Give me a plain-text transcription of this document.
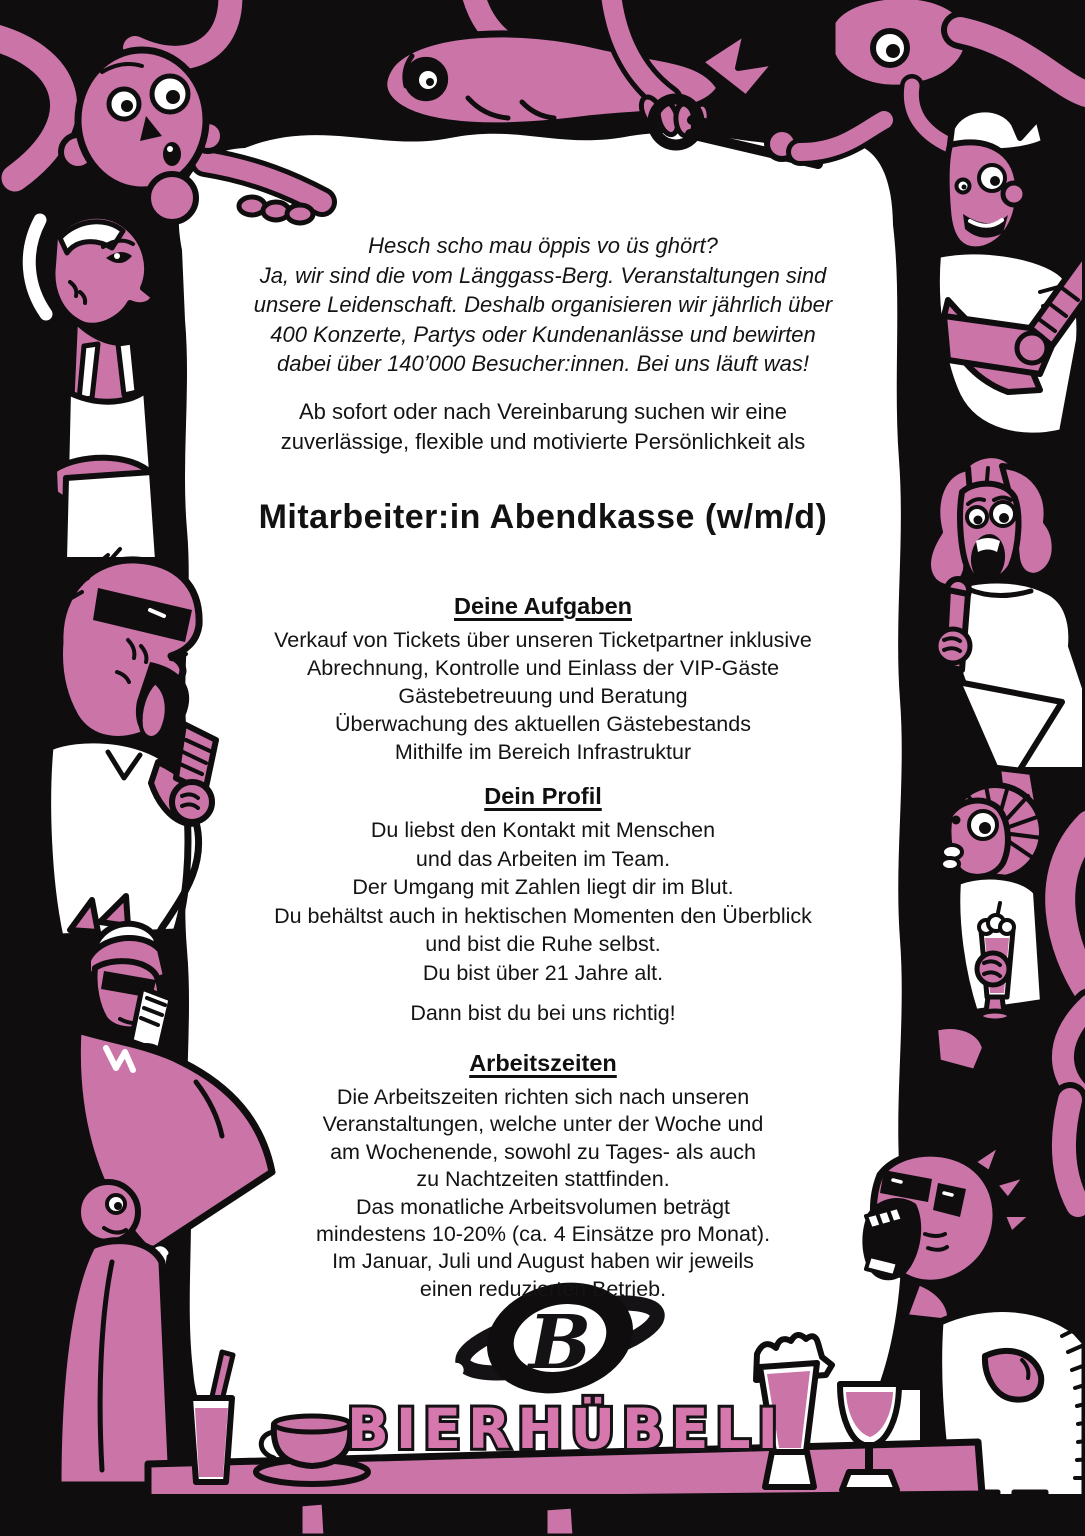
B
BIERHÜBELI
Hesch scho mau öppis vo üs ghört?
Ja, wir sind die vom Länggass-Berg. Veranstaltungen sind
unsere Leidenschaft. Deshalb organisieren wir jährlich über
400 Konzerte, Partys oder Kundenanlässe und bewirten
dabei über 140’000 Besucher:innen. Bei uns läuft was!
Ab sofort oder nach Vereinbarung suchen wir eine
zuverlässige, flexible und motivierte Persönlichkeit als
Mitarbeiter:in Abendkasse (w/m/d)
Deine Aufgaben
Verkauf von Tickets über unseren Ticketpartner inklusive
Abrechnung, Kontrolle und Einlass der VIP-Gäste
Gästebetreuung und Beratung
Überwachung des aktuellen Gästebestands
Mithilfe im Bereich Infrastruktur
Dein Profil
Du liebst den Kontakt mit Menschen
und das Arbeiten im Team.
Der Umgang mit Zahlen liegt dir im Blut.
Du behältst auch in hektischen Momenten den Überblick
und bist die Ruhe selbst.
Du bist über 21 Jahre alt.
Dann bist du bei uns richtig!
Arbeitszeiten
Die Arbeitszeiten richten sich nach unseren
Veranstaltungen, welche unter der Woche und
am Wochenende, sowohl zu Tages- als auch
zu Nachtzeiten stattfinden.
Das monatliche Arbeitsvolumen beträgt
mindestens 10-20% (ca. 4 Einsätze pro Monat).
Im Januar, Juli und August haben wir jeweils
einen reduzierten Betrieb.
